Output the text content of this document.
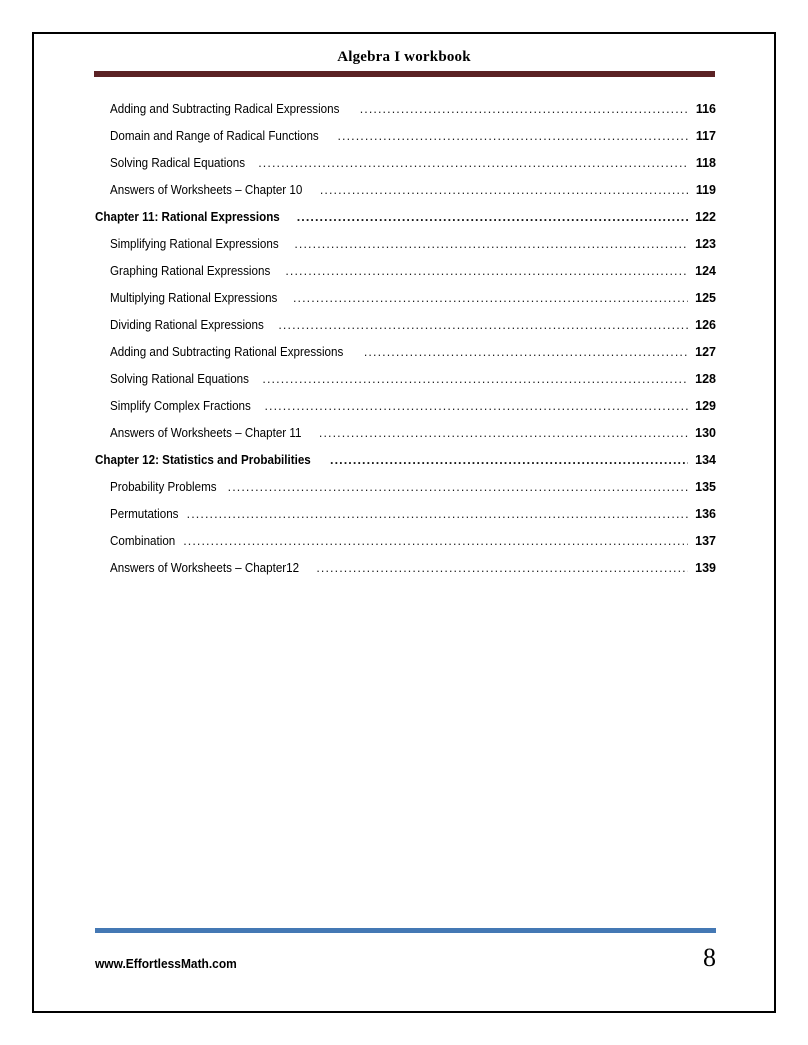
Algebra I workbook
Adding and Subtracting Radical Expressions .....	116
Domain and Range of Radical Functions .....	117
Solving Radical Equations .....	118
Answers of Worksheets – Chapter 10 .....	119
Chapter 11: Rational Expressions .....	122
Simplifying Rational Expressions .....	123
Graphing Rational Expressions .....	124
Multiplying Rational Expressions .....	125
Dividing Rational Expressions .....	126
Adding and Subtracting Rational Expressions .....	127
Solving Rational Equations .....	128
Simplify Complex Fractions .....	129
Answers of Worksheets – Chapter 11 .....	130
Chapter 12: Statistics and Probabilities .....	134
Probability Problems .....	135
Permutations .....	136
Combination .....	137
Answers of Worksheets – Chapter12 .....	139
www.EffortlessMath.com	8
